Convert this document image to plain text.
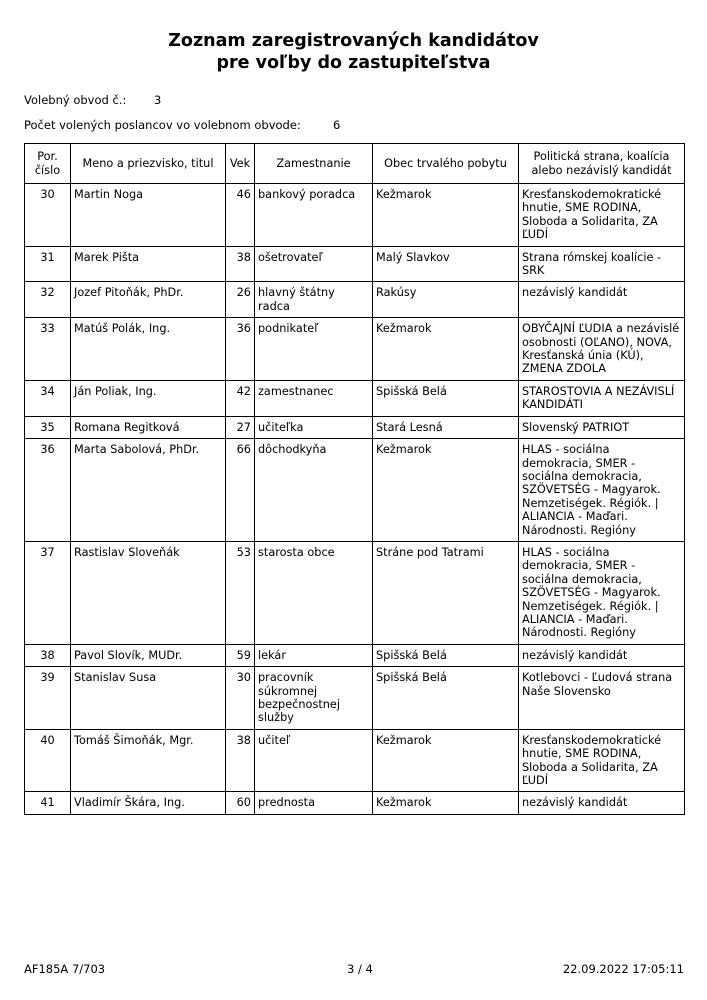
Zoznam zaregistrovaných kandidátov
pre voľby do zastupiteľstva
Volebný obvod č.: 3
Počet volených poslancov vo volebnom obvode:	6
Por. číslo	Meno a priezvisko, titul	Vek	Zamestnanie	Obec trvalého pobytu	Politická strana, koalícia alebo nezávislý kandidát
30	Martin Noga	46	bankový poradca	Kežmarok	Kresťanskodemokratické hnutie, SME RODINA, Sloboda a Solidarita, ZA ĽUDÍ
31	Marek Pišta	38	ošetrovateľ	Malý Slavkov	Strana rómskej koalície - SRK
32	Jozef Pitoňák, PhDr.	26	hlavný štátny radca	Rakúsy	nezávislý kandidát
33	Matúš Polák, Ing.	36	podnikateľ	Kežmarok	OBYČAJNÍ ĽUDIA a nezávislé osobnosti (OĽANO), NOVA, Kresťanská únia (KÚ), ZMENA ZDOLA
34	Ján Poliak, Ing.	42	zamestnanec	Spišská Belá	STAROSTOVIA A NEZÁVISLÍ KANDIDÁTI
35	Romana Regitková	27	učiteľka	Stará Lesná	Slovenský PATRIOT
36	Marta Sabolová, PhDr.	66	dôchodkyňa	Kežmarok	HLAS - sociálna demokracia, SMER - sociálna demokracia, SZÖVETSÉG - Magyarok. Nemzetiségek. Régiók. | ALIANCIA - Maďari. Národnosti. Regióny
37	Rastislav Sloveňák	53	starosta obce	Stráne pod Tatrami	HLAS - sociálna demokracia, SMER - sociálna demokracia, SZÖVETSÉG - Magyarok. Nemzetiségek. Régiók. | ALIANCIA - Maďari. Národnosti. Regióny
38	Pavol Slovík, MUDr.	59	lekár	Spišská Belá	nezávislý kandidát
39	Stanislav Susa	30	pracovník súkromnej bezpečnostnej služby	Spišská Belá	Kotlebovci - Ľudová strana Naše Slovensko
40	Tomáš Šimoňák, Mgr.	38	učiteľ	Kežmarok	Kresťanskodemokratické hnutie, SME RODINA, Sloboda a Solidarita, ZA ĽUDÍ
41	Vladimír Škára, Ing.	60	prednosta	Kežmarok	nezávislý kandidát
AF185A 7/703	3 / 4	22.09.2022 17:05:11
